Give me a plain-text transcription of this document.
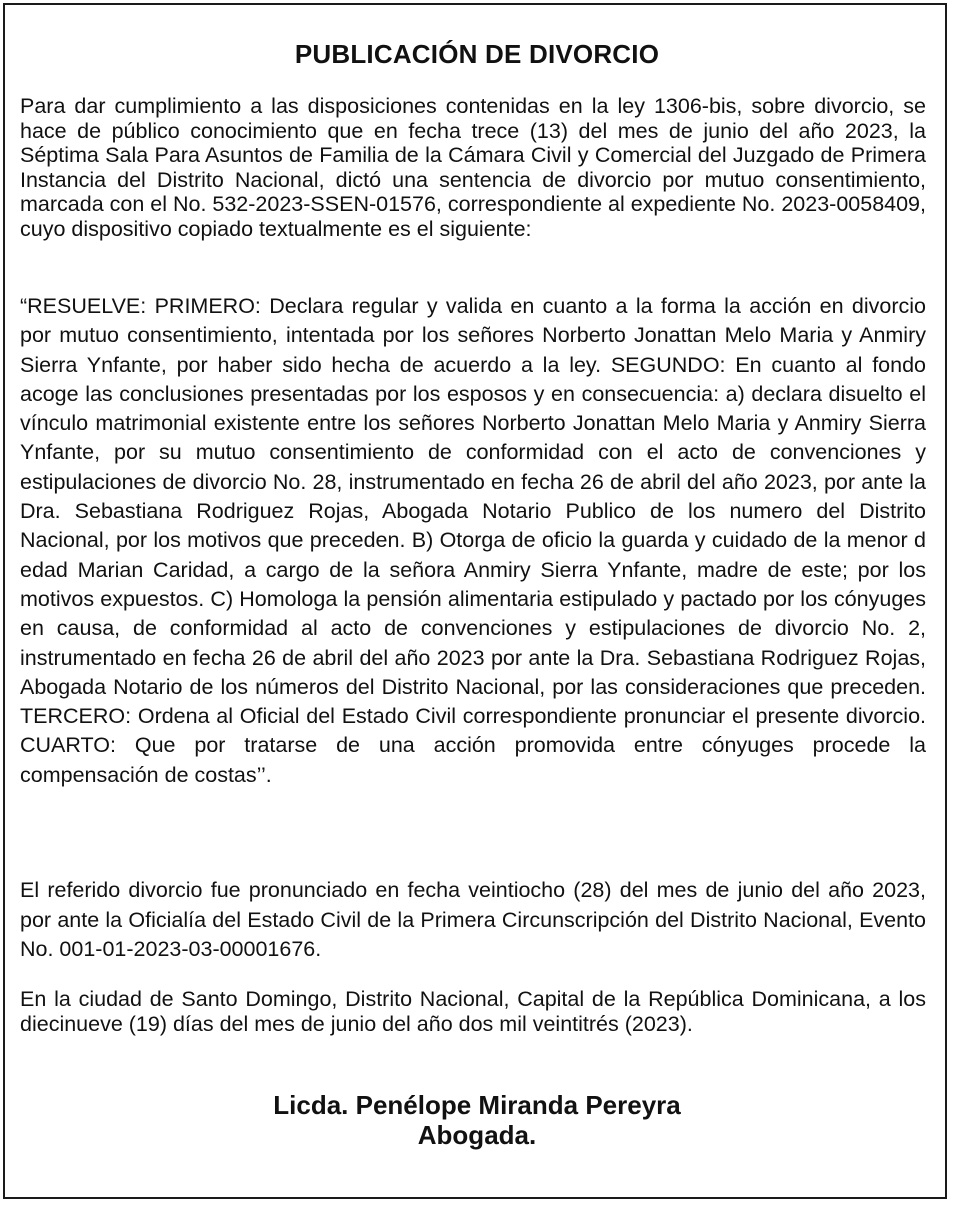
PUBLICACIÓN DE DIVORCIO

Para dar cumplimiento a las disposiciones contenidas en la ley 1306-bis, sobre divorcio, se hace de público conocimiento que en fecha trece (13) del mes de junio del año 2023, la Séptima Sala Para Asuntos de Familia de la Cámara Civil y Comercial del Juzgado de Primera Instancia del Distrito Nacional, dictó una sentencia de divorcio por mutuo consentimiento, marcada con el No. 532-2023-SSEN-01576, correspondiente al expediente No. 2023-0058409, cuyo dispositivo copiado textualmente es el siguiente:

“RESUELVE: PRIMERO: Declara regular y valida en cuanto a la forma la acción en divorcio por mutuo consentimiento, intentada por los señores Norberto Jonattan Melo Maria y Anmiry Sierra Ynfante, por haber sido hecha de acuerdo a la ley. SEGUNDO: En cuanto al fondo acoge las conclusiones presentadas por los esposos y en consecuencia: a) declara disuelto el vínculo matrimonial existente entre los señores Norberto Jonattan Melo Maria y Anmiry Sierra Ynfante, por su mutuo consentimiento de conformidad con el acto de convenciones y estipulaciones de divorcio No. 28, instrumentado en fecha 26 de abril del año 2023, por ante la Dra. Sebastiana Rodriguez Rojas, Abogada Notario Publico de los numero del Distrito Nacional, por los motivos que preceden. B) Otorga de oficio la guarda y cuidado de la menor d edad Marian Caridad, a cargo de la señora Anmiry Sierra Ynfante, madre de este; por los motivos expuestos. C) Homologa la pensión alimentaria estipulado y pactado por los cónyuges en causa, de conformidad al acto de convenciones y estipulaciones de divorcio No. 2, instrumentado en fecha 26 de abril del año 2023 por ante la Dra. Sebastiana Rodriguez Rojas, Abogada Notario de los números del Distrito Nacional, por las consideraciones que preceden. TERCERO: Ordena al Oficial del Estado Civil correspondiente pronunciar el presente divorcio. CUARTO: Que por tratarse de una acción promovida entre cónyuges procede la compensación de costas’’.

El referido divorcio fue pronunciado en fecha veintiocho (28) del mes de junio del año 2023, por ante la Oficialía del Estado Civil de la Primera Circunscripción del Distrito Nacional, Evento No. 001-01-2023-03-00001676.

En la ciudad de Santo Domingo, Distrito Nacional, Capital de la República Dominicana, a los diecinueve (19) días del mes de junio del año dos mil veintitrés (2023).

Licda. Penélope Miranda Pereyra
Abogada.
